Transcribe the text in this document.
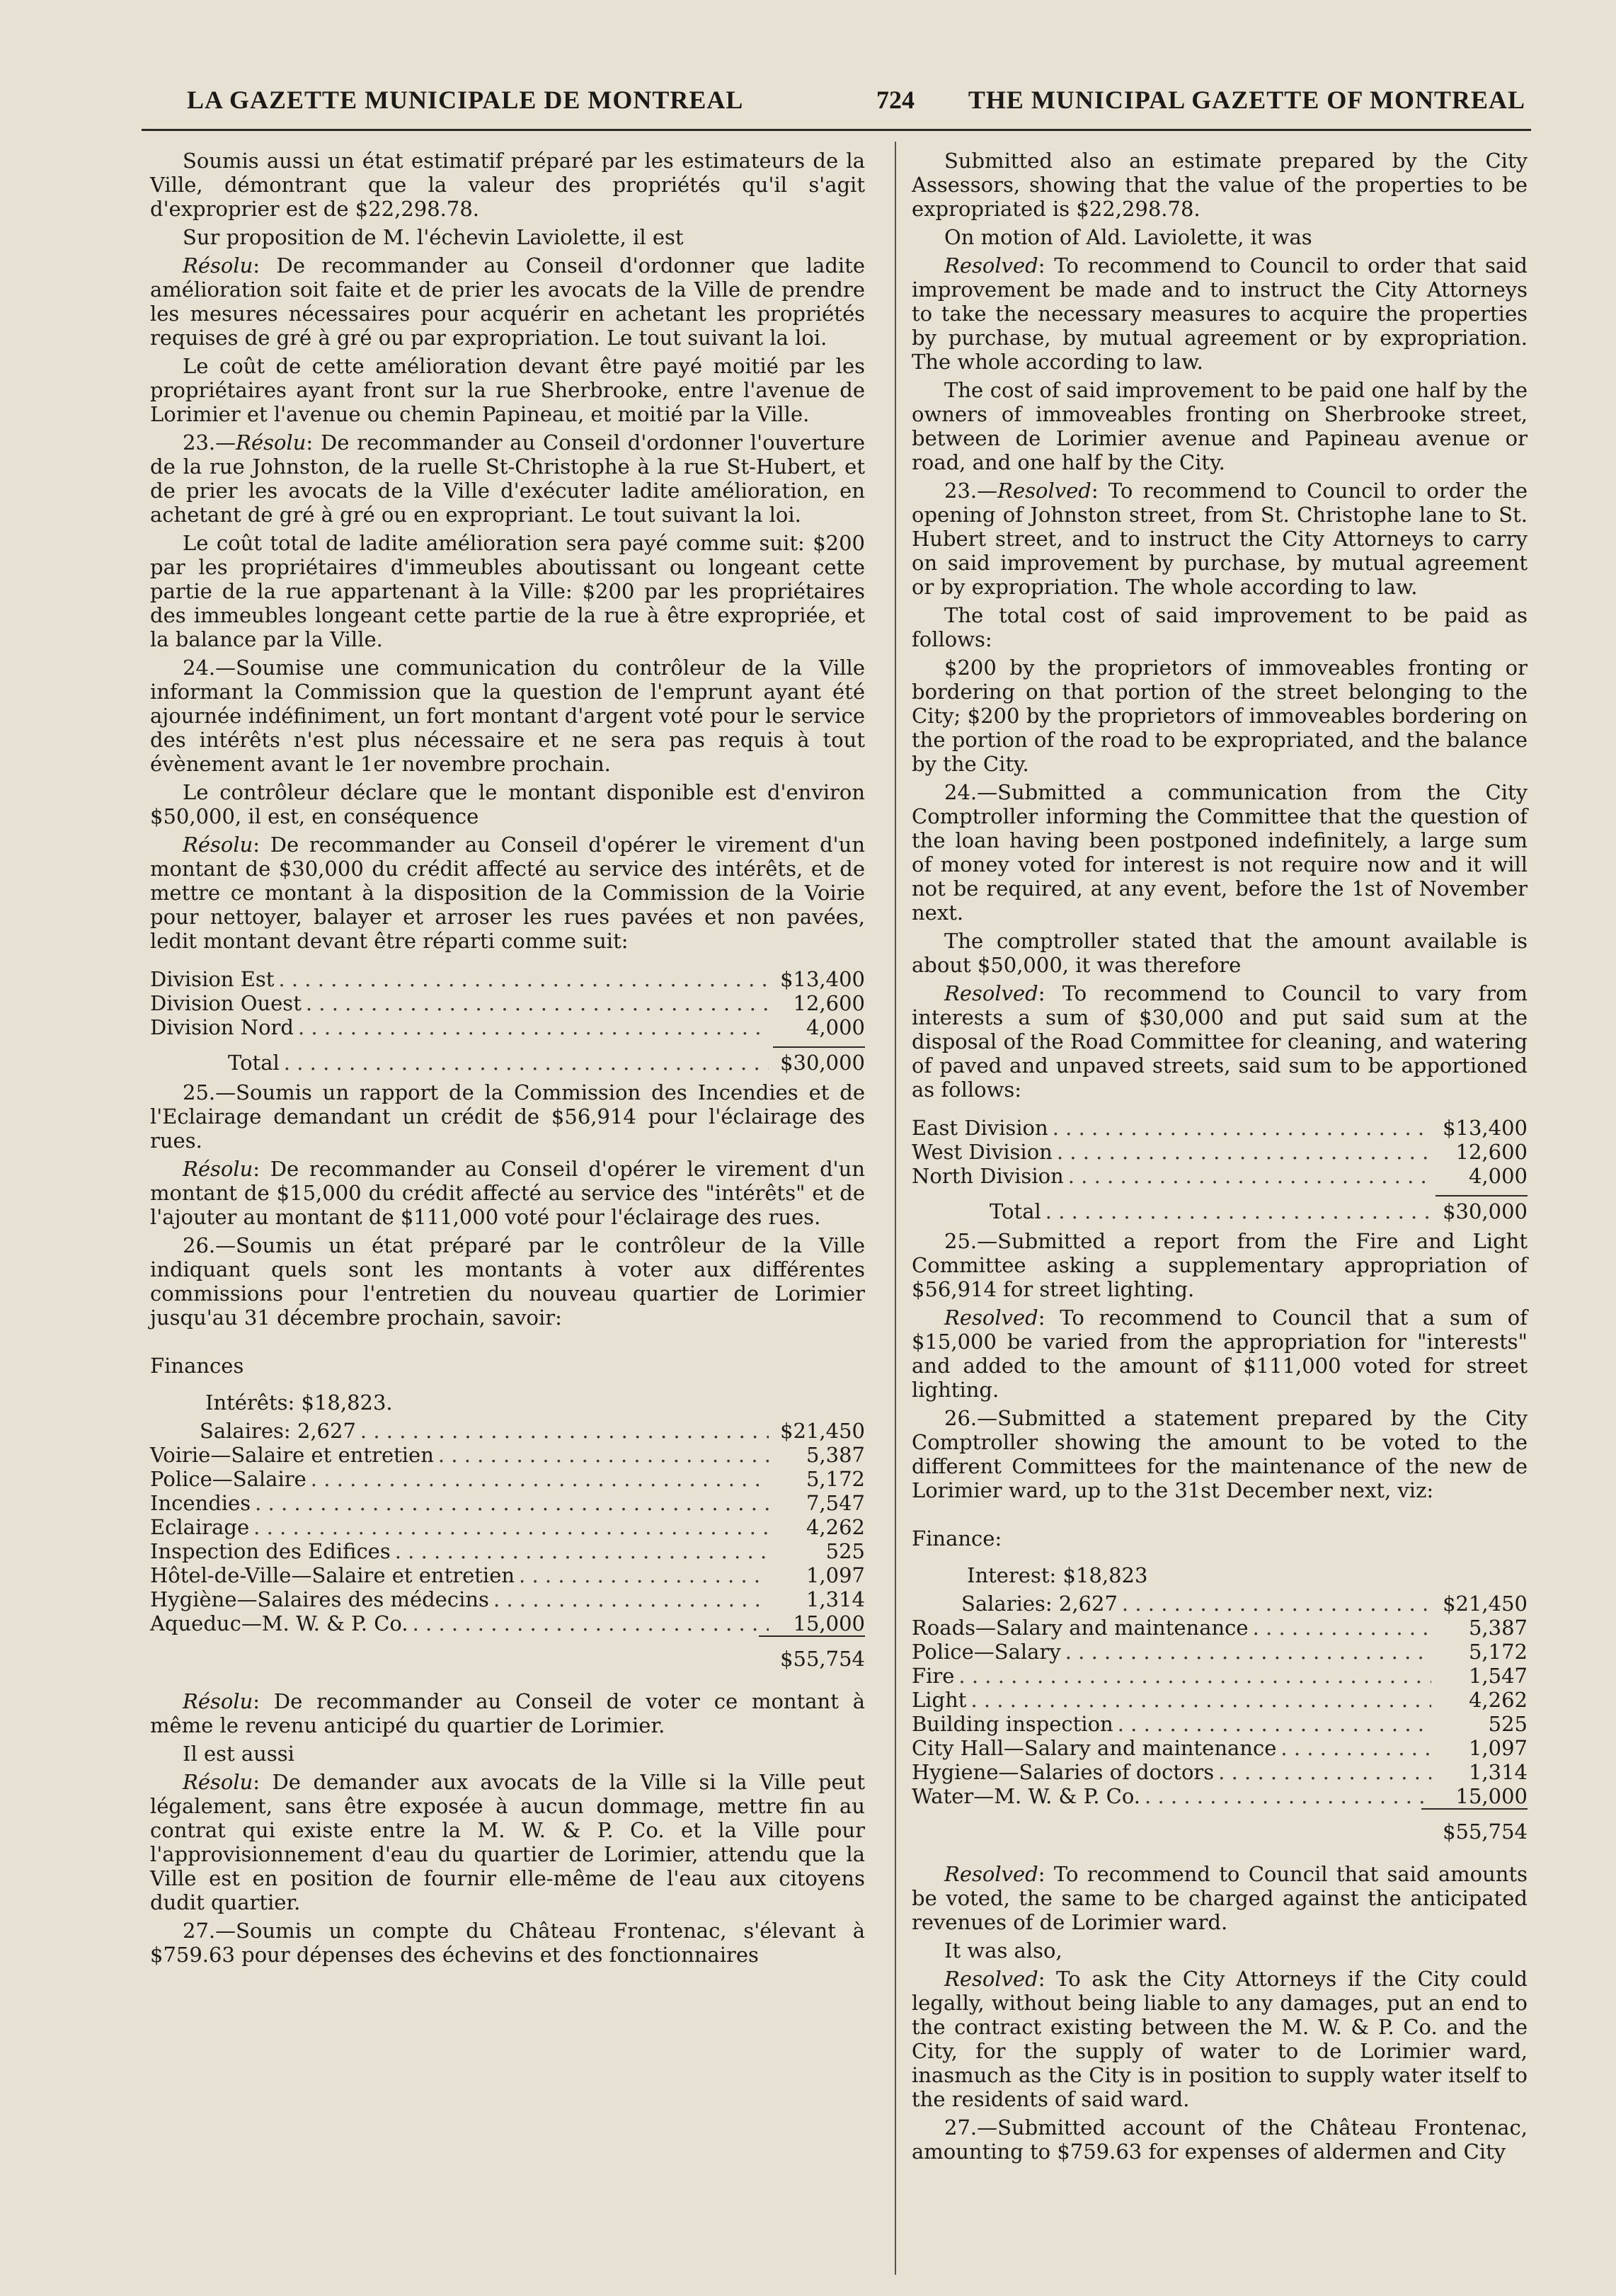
LA GAZETTE MUNICIPALE DE MONTREAL	724 THE MUNICIPAL GAZETTE OF MONTREAL

Soumis aussi un état estimatif préparé par les estimateurs de la Ville, démontrant que la valeur des propriétés qu'il s'agit d'exproprier est de $22,298.78.

Sur proposition de M. l'échevin Laviolette, il est

Résolu: De recommander au Conseil d'ordonner que ladite amélioration soit faite et de prier les avocats de la Ville de prendre les mesures nécessaires pour acquérir en achetant les propriétés requises de gré à gré ou par expropriation. Le tout suivant la loi.

Le coût de cette amélioration devant être payé moitié par les propriétaires ayant front sur la rue Sherbrooke, entre l'avenue de Lorimier et l'avenue ou chemin Papineau, et moitié par la Ville.

23.—Résolu: De recommander au Conseil d'ordonner l'ouverture de la rue Johnston, de la ruelle St-Christophe à la rue St-Hubert, et de prier les avocats de la Ville d'exécuter ladite amélioration, en achetant de gré à gré ou en expropriant. Le tout suivant la loi.

Le coût total de ladite amélioration sera payé comme suit: $200 par les propriétaires d'immeubles aboutissant ou longeant cette partie de la rue appartenant à la Ville: $200 par les propriétaires des immeubles longeant cette partie de la rue à être expropriée, et la balance par la Ville.

24.—Soumise une communication du contrôleur de la Ville informant la Commission que la question de l'emprunt ayant été ajournée indéfiniment, un fort montant d'argent voté pour le service des intérêts n'est plus nécessaire et ne sera pas requis à tout évènement avant le 1er novembre prochain.

Le contrôleur déclare que le montant disponible est d'environ $50,000, il est, en conséquence

Résolu: De recommander au Conseil d'opérer le virement d'un montant de $30,000 du crédit affecté au service des intérêts, et de mettre ce montant à la disposition de la Commission de la Voirie pour nettoyer, balayer et arroser les rues pavées et non pavées, ledit montant devant être réparti comme suit:

Division Est . . .	$13,400
Division Ouest . . .	12,600
Division Nord . . .	4,000
Total . . .	$30,000

25.—Soumis un rapport de la Commission des Incendies et de l'Eclairage demandant un crédit de $56,914 pour l'éclairage des rues.

Résolu: De recommander au Conseil d'opérer le virement d'un montant de $15,000 du crédit affecté au service des "intérêts" et de l'ajouter au montant de $111,000 voté pour l'éclairage des rues.

26.—Soumis un état préparé par le contrôleur de la Ville indiquant quels sont les montants à voter aux différentes commissions pour l'entretien du nouveau quartier de Lorimier jusqu'au 31 décembre prochain, savoir:

Finances

Intérêts: $18,823.

Salaires: 2,627 . . .	$21,450
Voirie—Salaire et entretien . . .	5,387
Police—Salaire . . .	5,172
Incendies . . .	7,547
Eclairage . . .	4,262
Inspection des Edifices . . .	525
Hôtel-de-Ville—Salaire et entretien . . .	1,097
Hygiène—Salaires des médecins . . .	1,314
Aqueduc—M. W. & P. Co. . . .	15,000
$55,754

Résolu: De recommander au Conseil de voter ce montant à même le revenu anticipé du quartier de Lorimier.

Il est aussi

Résolu: De demander aux avocats de la Ville si la Ville peut légalement, sans être exposée à aucun dommage, mettre fin au contrat qui existe entre la M. W. & P. Co. et la Ville pour l'approvisionnement d'eau du quartier de Lorimier, attendu que la Ville est en position de fournir elle-même de l'eau aux citoyens dudit quartier.

27.—Soumis un compte du Château Frontenac, s'élevant à $759.63 pour dépenses des échevins et des fonctionnaires

Submitted also an estimate prepared by the City Assessors, showing that the value of the properties to be expropriated is $22,298.78.

On motion of Ald. Laviolette, it was

Resolved: To recommend to Council to order that said improvement be made and to instruct the City Attorneys to take the necessary measures to acquire the properties by purchase, by mutual agreement or by expropriation. The whole according to law.

The cost of said improvement to be paid one half by the owners of immoveables fronting on Sherbrooke street, between de Lorimier avenue and Papineau avenue or road, and one half by the City.

23.—Resolved: To recommend to Council to order the opening of Johnston street, from St. Christophe lane to St. Hubert street, and to instruct the City Attorneys to carry on said improvement by purchase, by mutual agreement or by expropriation. The whole according to law.

The total cost of said improvement to be paid as follows:

$200 by the proprietors of immoveables fronting or bordering on that portion of the street belonging to the City; $200 by the proprietors of immoveables bordering on the portion of the road to be expropriated, and the balance by the City.

24.—Submitted a communication from the City Comptroller informing the Committee that the question of the loan having been postponed indefinitely, a large sum of money voted for interest is not require now and it will not be required, at any event, before the 1st of November next.

The comptroller stated that the amount available is about $50,000, it was therefore

Resolved: To recommend to Council to vary from interests a sum of $30,000 and put said sum at the disposal of the Road Committee for cleaning, and watering of paved and unpaved streets, said sum to be apportioned as follows:

East Division . . .	$13,400
West Division . . .	12,600
North Division . . .	4,000
Total . . .	$30,000

25.—Submitted a report from the Fire and Light Committee asking a supplementary appropriation of $56,914 for street lighting.

Resolved: To recommend to Council that a sum of $15,000 be varied from the appropriation for "interests" and added to the amount of $111,000 voted for street lighting.

26.—Submitted a statement prepared by the City Comptroller showing the amount to be voted to the different Committees for the maintenance of the new de Lorimier ward, up to the 31st December next, viz:

Finance:

Interest: $18,823

Salaries: 2,627 . . .	$21,450
Roads—Salary and maintenance . . .	5,387
Police—Salary . . .	5,172
Fire . . .	1,547
Light . . .	4,262
Building inspection . . .	525
City Hall—Salary and maintenance . . .	1,097
Hygiene—Salaries of doctors . . .	1,314
Water—M. W. & P. Co. . . .	15,000
$55,754

Resolved: To recommend to Council that said amounts be voted, the same to be charged against the anticipated revenues of de Lorimier ward.

It was also,

Resolved: To ask the City Attorneys if the City could legally, without being liable to any damages, put an end to the contract existing between the M. W. & P. Co. and the City, for the supply of water to de Lorimier ward, inasmuch as the City is in position to supply water itself to the residents of said ward.

27.—Submitted account of the Château Frontenac, amounting to $759.63 for expenses of aldermen and City
